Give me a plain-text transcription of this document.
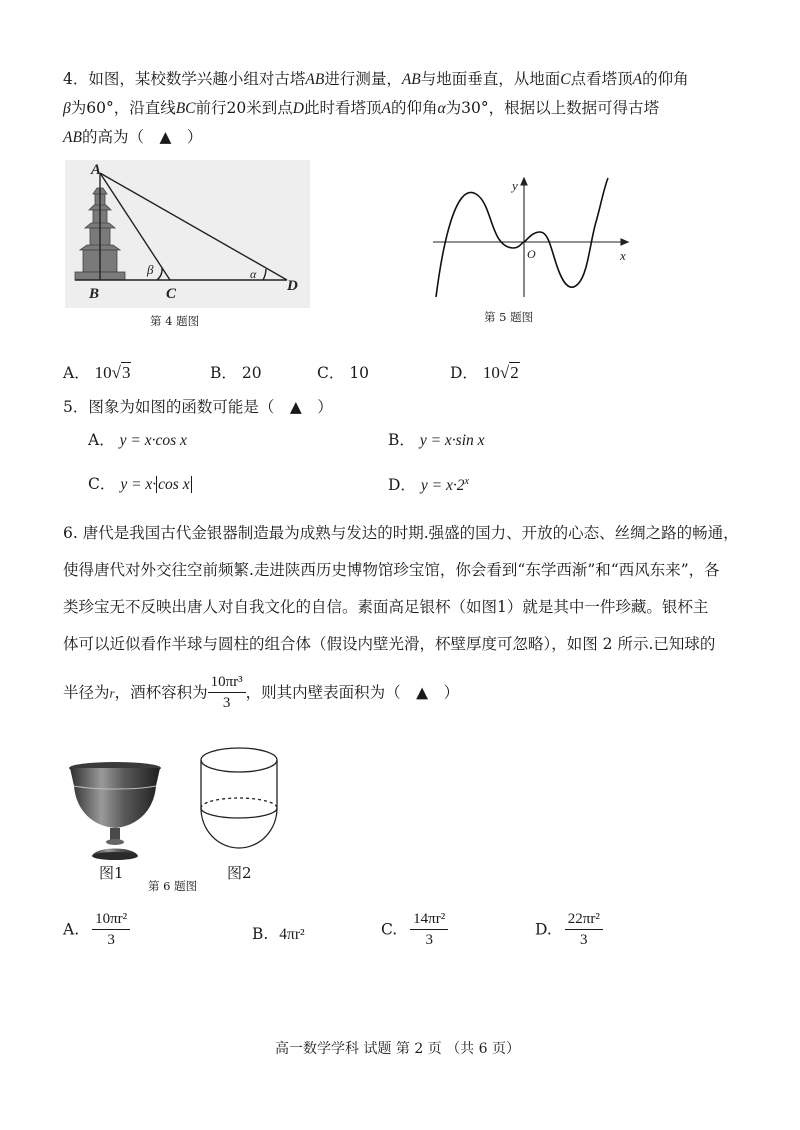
4．如图，某校数学兴趣小组对古塔AB进行测量，AB与地面垂直，从地面C点看塔顶A的仰角
β为60°，沿直线BC前行20米到点D此时看塔顶A的仰角α为30°，根据以上数据可得古塔
AB的高为（　▲　）
A
B	C	D
β	α
第 4 题图
y
x
O
第 5 题图
A． 10√3	B． 20	C． 10	D． 10√2
5．图象为如图的函数可能是（　▲　）
A． y = x·cos x	B． y = x·sin x
C． y = x· cos x	D． $y = x\cdot 2^x$
6. 唐代是我国古代金银器制造最为成熟与发达的时期.强盛的国力、开放的心态、丝绸之路的畅通，
使得唐代对外交往空前频繁.走进陕西历史博物馆珍宝馆，你会看到“东学西渐”和“西风东来”，各
类珍宝无不反映出唐人对自我文化的自信。素面高足银杯（如图1）就是其中一件珍藏。银杯主
体可以近似看作半球与圆柱的组合体（假设内壁光滑，杯壁厚度可忽略），如图 2 所示.已知球的
半径为r，酒杯容积为 $\frac{\text{10πr³}}{3}$ ，则其内壁表面积为（　▲　）
图1	图2
第 6 题图
A. $\frac{\text{10πr²}}{3}$	B. 4πr²	C. $\frac{\text{14πr²}}{3}$	D. $\frac{\text{22πr²}}{3}$
高一数学学科 试题 第 2 页 （共 6 页）
